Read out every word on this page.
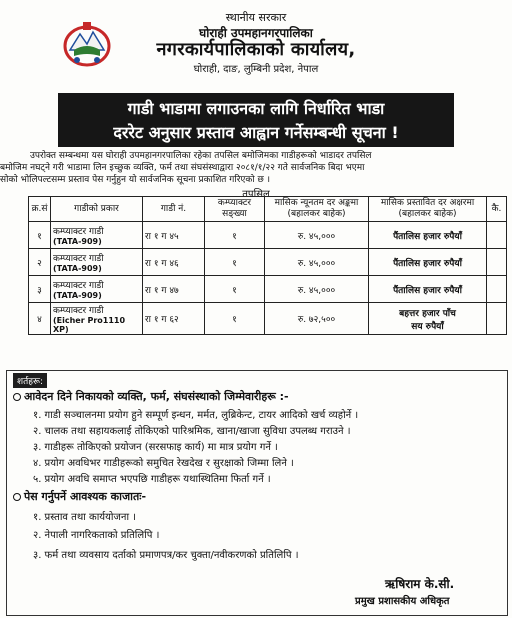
स्थानीय सरकार
घोराही उपमहानगरपालिका
नगरकार्यपालिकाको कार्यालय,
घोराही, दाङ, लुम्बिनी प्रदेश, नेपाल
गाडी भाडामा लगाउनका लागि निर्धारित भाडा
दररेट अनुसार प्रस्ताव आह्वान गर्नेसम्बन्धी सूचना !
उपरोक्त सम्बन्धमा यस घोराही उपमहानगरपालिका रहेका तपसिल बमोजिमका गाडीहरूको भाडादर तपसिल
बमोजिम नघट्ने गरी भाडामा लिन इच्छुक व्यक्ति, फर्म तथा संघसंस्थाद्वारा २०८१/१/२२ गते सार्वजनिक बिदा भएमा
सोको भोलिपल्टसम्म प्रस्ताव पेस गर्नुहुन यो सार्वजनिक सूचना प्रकाशित गरिएको छ ।
तपसिल
क्र.सं	गाडीको प्रकार	गाडी नं.	कम्प्याक्टर सङ्ख्या	मासिक न्यूनतम दर अङ्कमा (बहालकर बाहेक)	मासिक प्रस्तावित दर अक्षरमा (बहालकर बाहेक)	कै.
१	कम्प्याक्टर गाडी
(TATA-909)	रा १ ग ४५	१	रु. ४५,०००	पैंतालिस हजार रुपैयाँ	
२	कम्प्याक्टर गाडी
(TATA-909)	रा १ ग ४६	१	रु. ४५,०००	पैंतालिस हजार रुपैयाँ	
३	कम्प्याक्टर गाडी
(TATA-909)	रा १ ग ४७	१	रु. ४५,०००	पैंतालिस हजार रुपैयाँ	
४	कम्प्याक्टर गाडी
(Eicher Pro1110 XP)	रा १ ग ६२	१	रु. ७२,५००	बहत्तर हजार पाँच
सय रुपैयाँ	
शर्तहरू:
आवेदन दिने निकायको व्यक्ति, फर्म, संघसंस्थाको जिम्मेवारीहरू :-
१. गाडी सञ्चालनमा प्रयोग हुने सम्पूर्ण इन्धन, मर्मत, लुब्रिकेन्ट, टायर आदिको खर्च व्यहोर्ने ।
२. चालक तथा सहायकलाई तोकिएको पारिश्रमिक, खाना/खाजा सुविधा उपलब्ध गराउने ।
३. गाडीहरू तोकिएको प्रयोजन (सरसफाइ कार्य) मा मात्र प्रयोग गर्ने ।
४. प्रयोग अवधिभर गाडीहरूको समुचित रेखदेख र सुरक्षाको जिम्मा लिने ।
५. प्रयोग अवधि समाप्त भएपछि गाडीहरू यथास्थितिमा फिर्ता गर्ने ।
पेस गर्नुपर्ने आवश्यक काजातः-
१. प्रस्ताव तथा कार्ययोजना ।
२. नेपाली नागरिकताको प्रतिलिपि ।
३. फर्म तथा व्यवसाय दर्ताको प्रमाणपत्र/कर चुक्ता/नवीकरणको प्रतिलिपि ।
ऋषिराम के.सी.
प्रमुख प्रशासकीय अधिकृत
